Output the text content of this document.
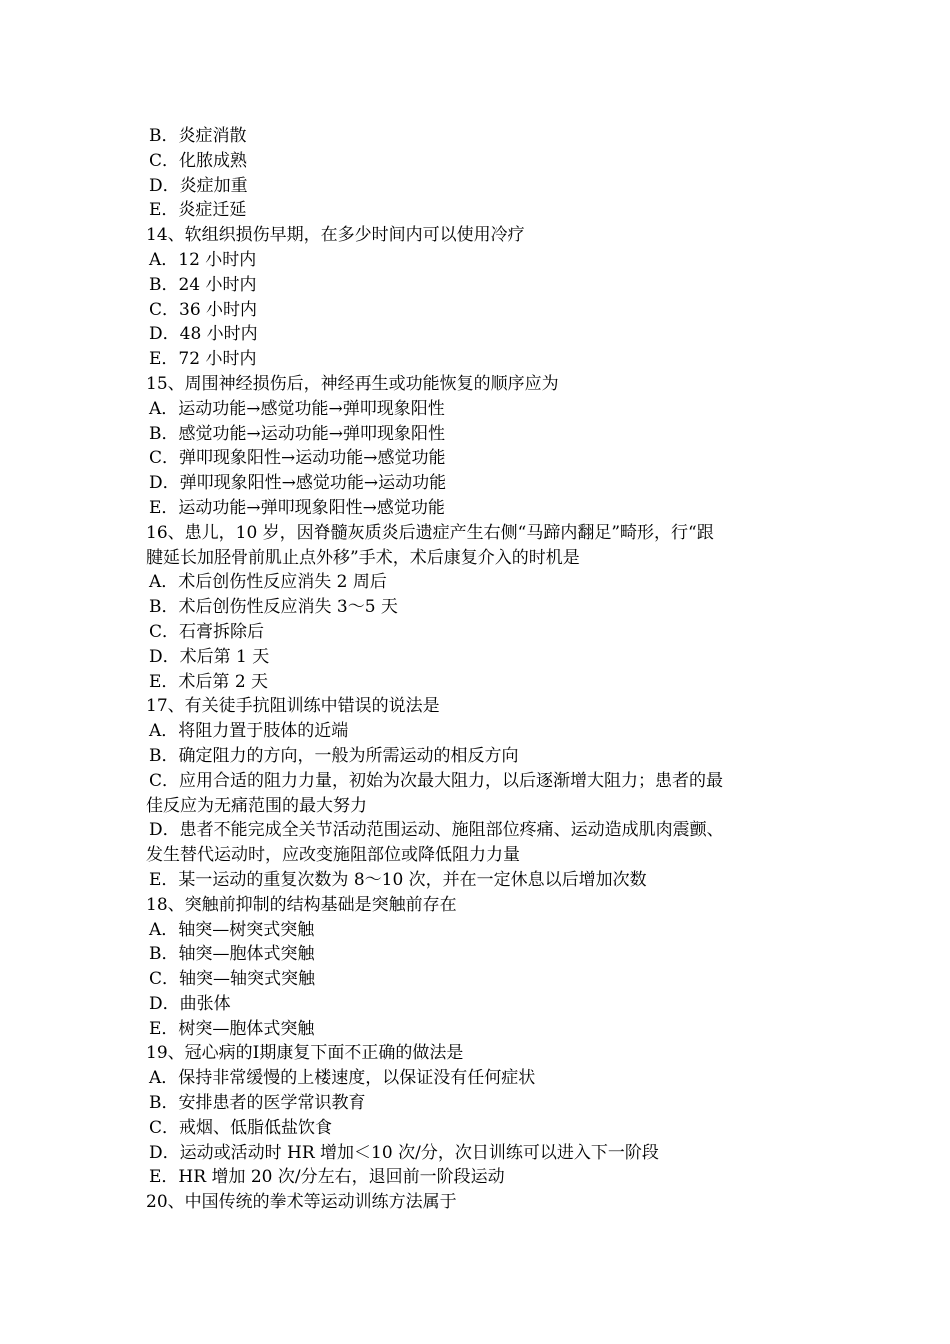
B．炎症消散
C．化脓成熟
D．炎症加重
E．炎症迁延
14、软组织损伤早期，在多少时间内可以使用冷疗
A．12 小时内
B．24 小时内
C．36 小时内
D．48 小时内
E．72 小时内
15、周围神经损伤后，神经再生或功能恢复的顺序应为
A．运动功能→感觉功能→弹叩现象阳性
B．感觉功能→运动功能→弹叩现象阳性
C．弹叩现象阳性→运动功能→感觉功能
D．弹叩现象阳性→感觉功能→运动功能
E．运动功能→弹叩现象阳性→感觉功能
16、患儿，10 岁，因脊髓灰质炎后遗症产生右侧“马蹄内翻足”畸形，行“跟
腱延长加胫骨前肌止点外移”手术，术后康复介入的时机是
A．术后创伤性反应消失 2 周后
B．术后创伤性反应消失 3～5 天
C．石膏拆除后
D．术后第 1 天
E．术后第 2 天
17、有关徒手抗阻训练中错误的说法是
A．将阻力置于肢体的近端
B．确定阻力的方向，一般为所需运动的相反方向
C．应用合适的阻力力量，初始为次最大阻力，以后逐渐增大阻力；患者的最
佳反应为无痛范围的最大努力
D．患者不能完成全关节活动范围运动、施阻部位疼痛、运动造成肌肉震颤、
发生替代运动时，应改变施阻部位或降低阻力力量
E．某一运动的重复次数为 8～10 次，并在一定休息以后增加次数
18、突触前抑制的结构基础是突触前存在
A．轴突—树突式突触
B．轴突—胞体式突触
C．轴突—轴突式突触
D．曲张体
E．树突—胞体式突触
19、冠心病的Ⅰ期康复下面不正确的做法是
A．保持非常缓慢的上楼速度，以保证没有任何症状
B．安排患者的医学常识教育
C．戒烟、低脂低盐饮食
D．运动或活动时 HR 增加＜10 次/分，次日训练可以进入下一阶段
E．HR 增加 20 次/分左右，退回前一阶段运动
20、中国传统的拳术等运动训练方法属于
